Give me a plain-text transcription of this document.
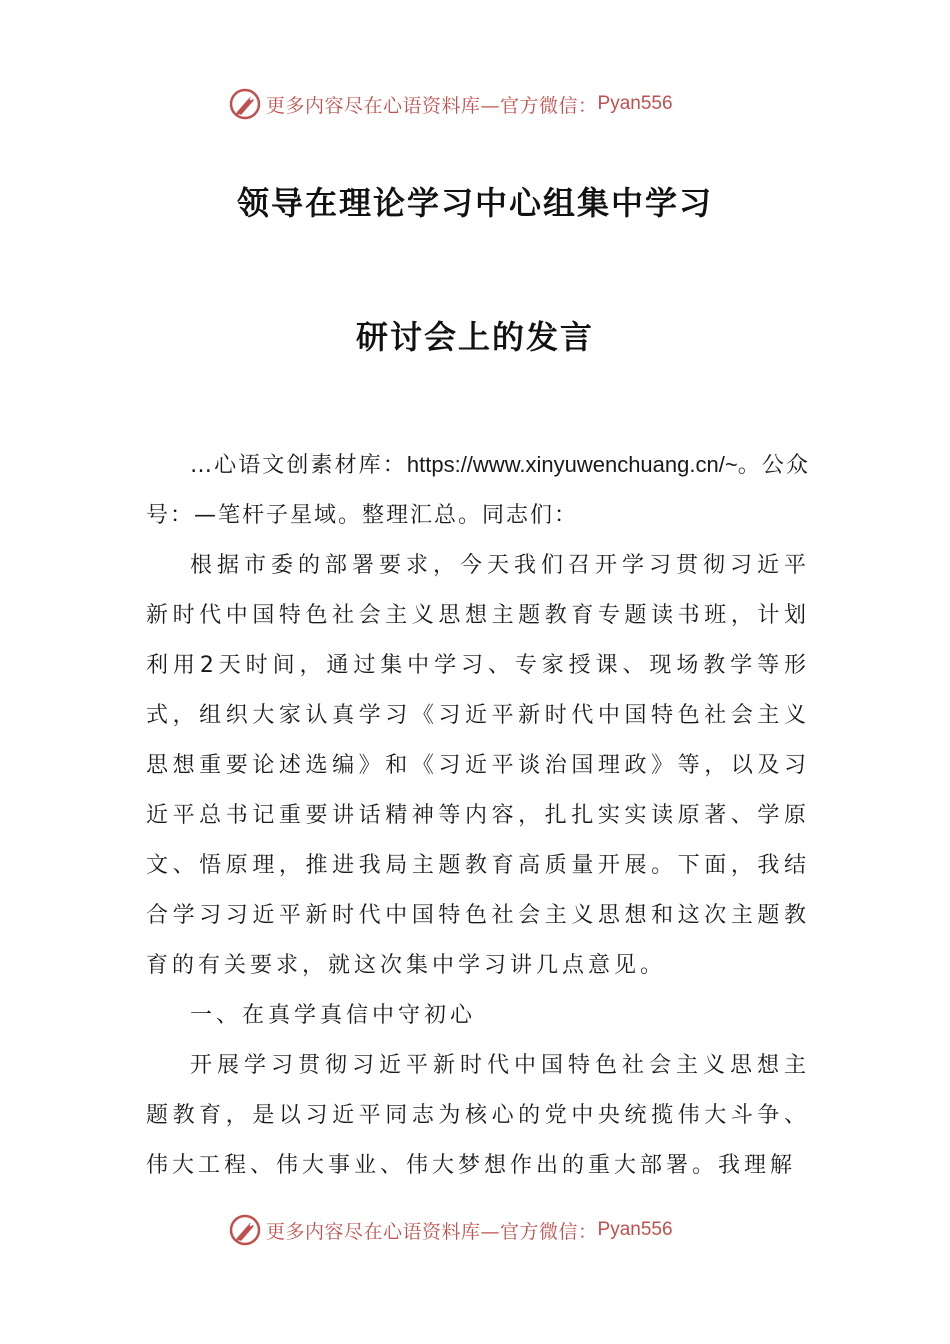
更多内容尽在心语资料库—官方微信： Pyan556
领导在理论学习中心组集中学习
研讨会上的发言

…心语文创素材库：https://www.xinyuwenchuang.cn/~。公众号：—笔杆子星域。整理汇总。同志们：

根据市委的部署要求，今天我们召开学习贯彻习近平新时代中国特色社会主义思想主题教育专题读书班，计划利用2天时间，通过集中学习、专家授课、现场教学等形式，组织大家认真学习《习近平新时代中国特色社会主义思想重要论述选编》和《习近平谈治国理政》等，以及习近平总书记重要讲话精神等内容，扎扎实实读原著、学原文、悟原理，推进我局主题教育高质量开展。下面，我结合学习习近平新时代中国特色社会主义思想和这次主题教育的有关要求，就这次集中学习讲几点意见。

一、在真学真信中守初心

开展学习贯彻习近平新时代中国特色社会主义思想主题教育，是以习近平同志为核心的党中央统揽伟大斗争、伟大工程、伟大事业、伟大梦想作出的重大部署。我理解

更多内容尽在心语资料库—官方微信： Pyan556
